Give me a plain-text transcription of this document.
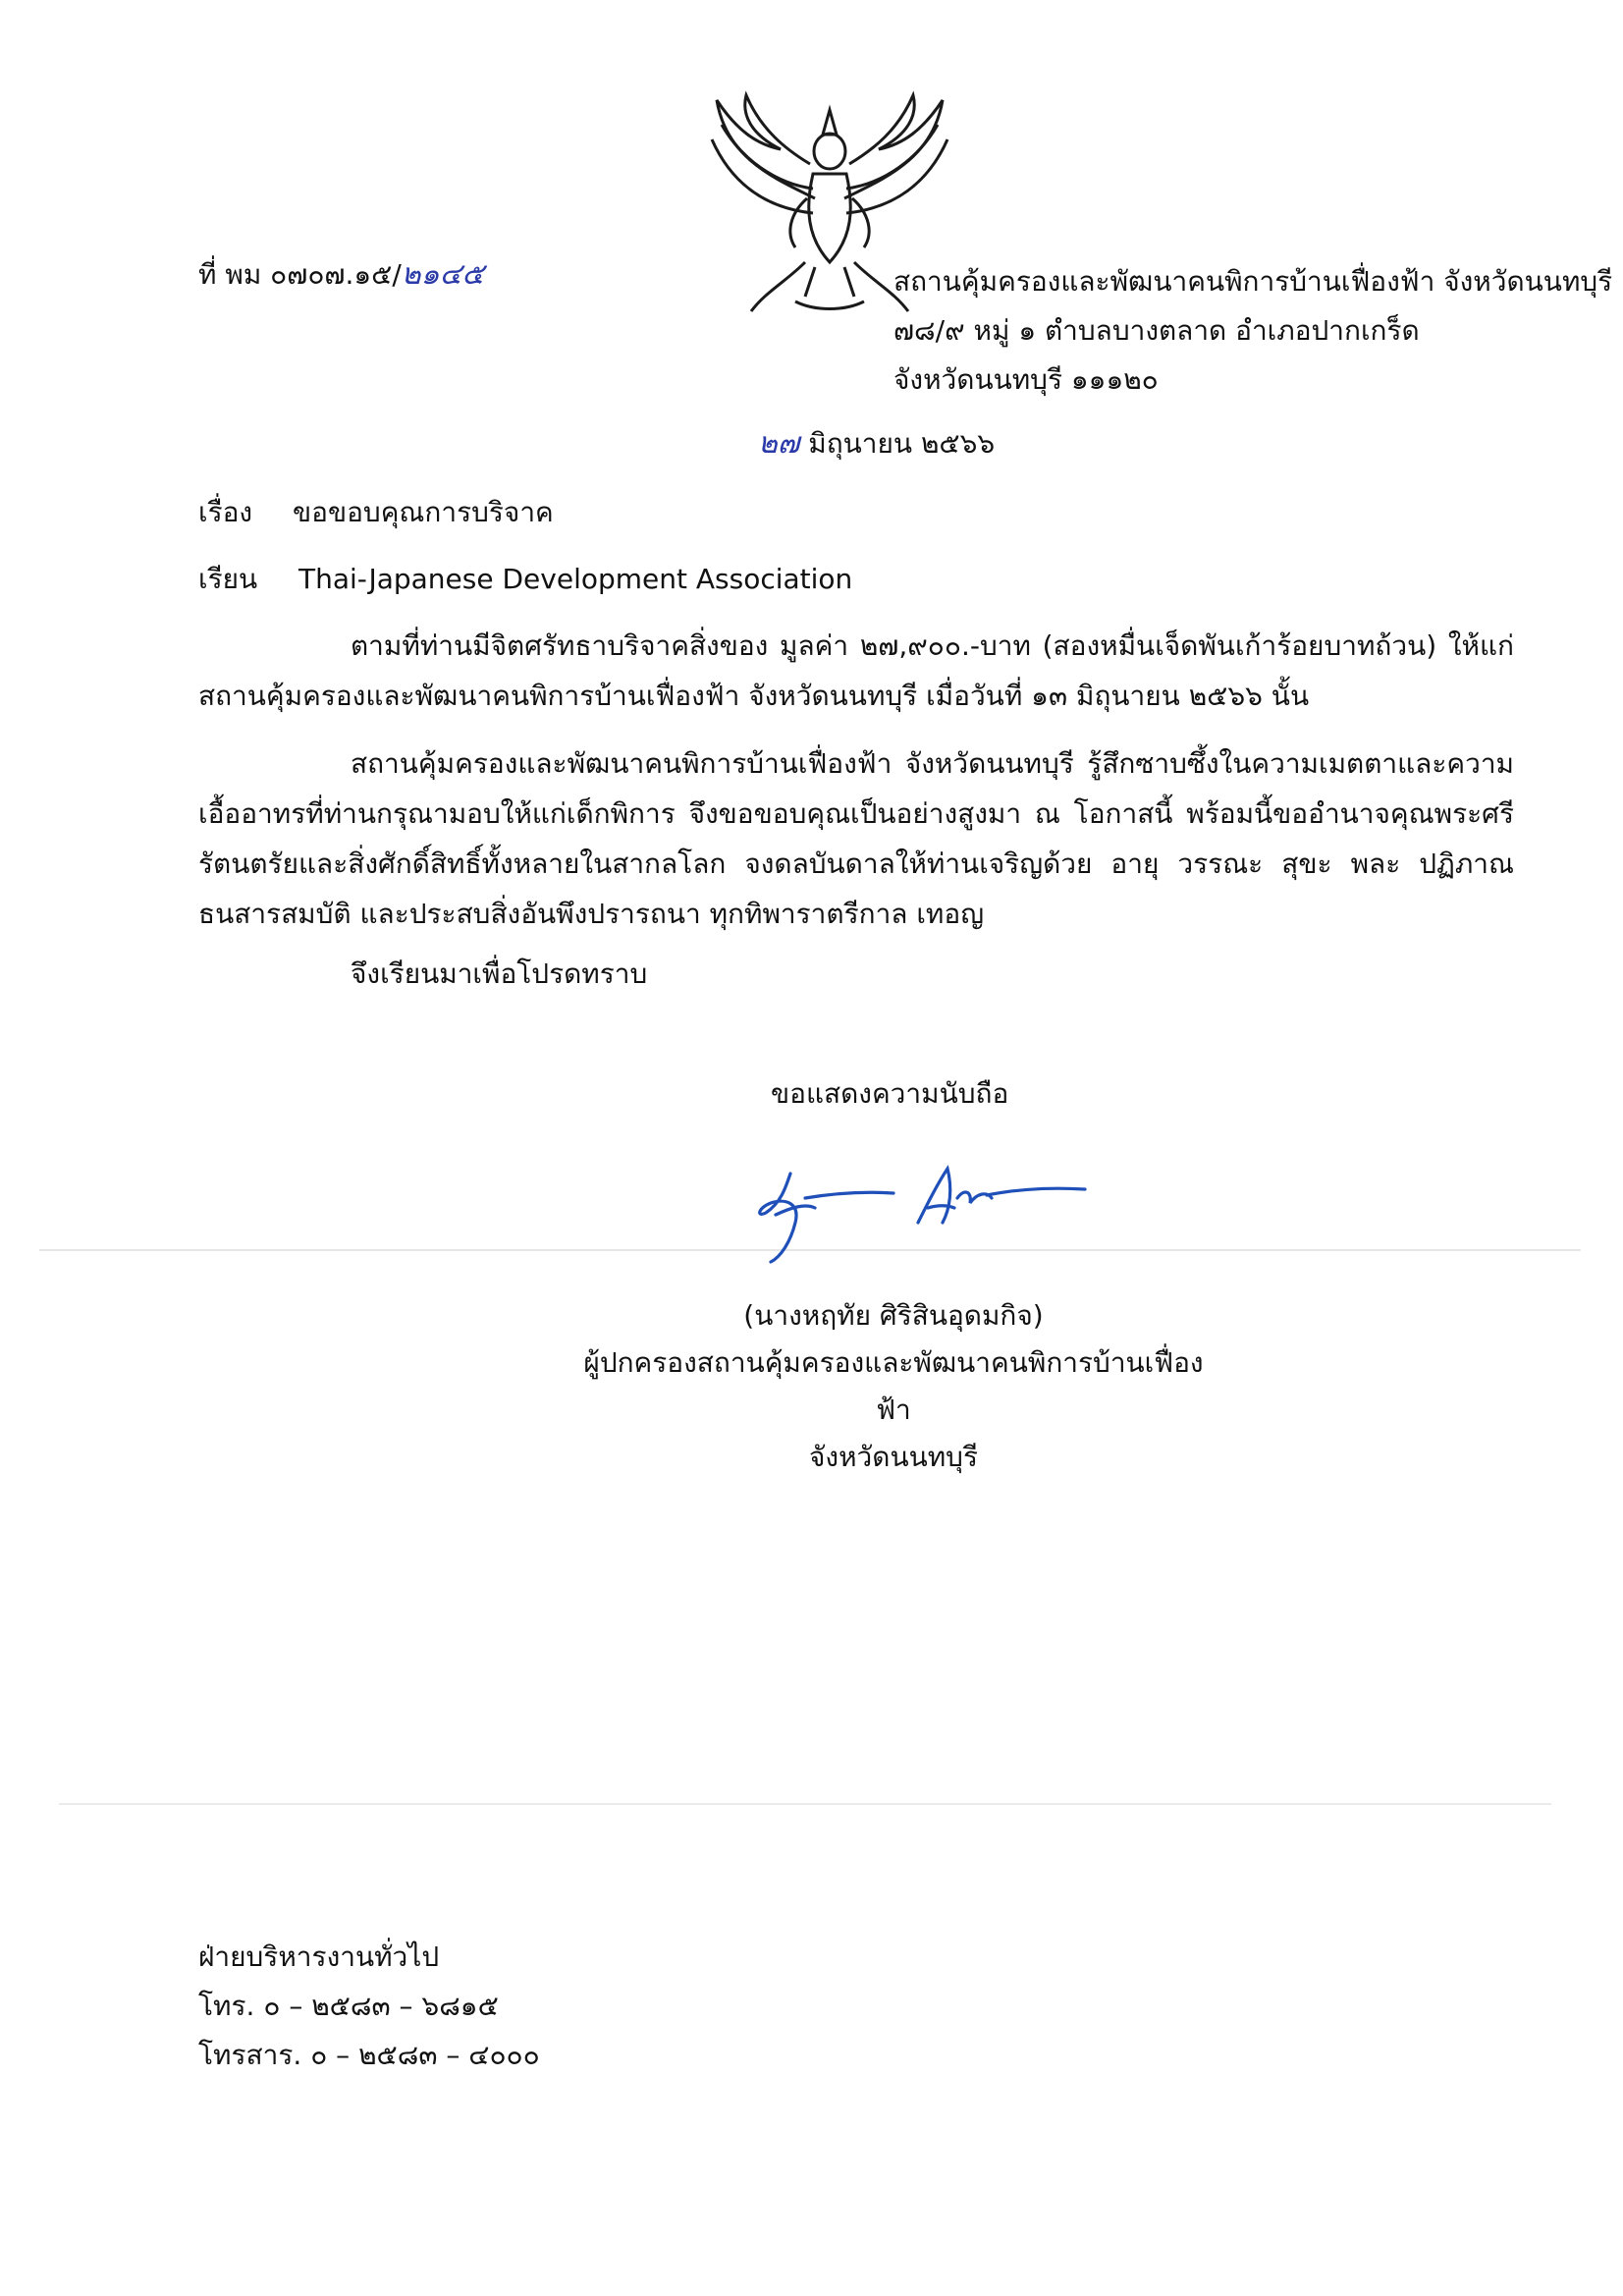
ที่ พม ๐๗๐๗.๑๕/๒๑๔๕	สถานคุ้มครองและพัฒนาคนพิการบ้านเฟื่องฟ้า จังหวัดนนทบุรี
๗๘/๙ หมู่ ๑ ตำบลบางตลาด อำเภอปากเกร็ด
จังหวัดนนทบุรี ๑๑๑๒๐
๒๗ มิถุนายน ๒๕๖๖
เรื่อง ขอขอบคุณการบริจาค
เรียน Thai-Japanese Development Association
ตามที่ท่านมีจิตศรัทธาบริจาคสิ่งของ มูลค่า ๒๗,๙๐๐.-บาท (สองหมื่นเจ็ดพันเก้าร้อยบาทถ้วน) ให้แก่สถานคุ้มครองและพัฒนาคนพิการบ้านเฟื่องฟ้า จังหวัดนนทบุรี เมื่อวันที่ ๑๓ มิถุนายน ๒๕๖๖ นั้น
สถานคุ้มครองและพัฒนาคนพิการบ้านเฟื่องฟ้า จังหวัดนนทบุรี รู้สึกซาบซึ้งในความเมตตาและความเอื้ออาทรที่ท่านกรุณามอบให้แก่เด็กพิการ จึงขอขอบคุณเป็นอย่างสูงมา ณ โอกาสนี้ พร้อมนี้ขออำนาจคุณพระศรีรัตนตรัยและสิ่งศักดิ์สิทธิ์ทั้งหลายในสากลโลก จงดลบันดาลให้ท่านเจริญด้วย อายุ วรรณะ สุขะ พละ ปฏิภาณ ธนสารสมบัติ และประสบสิ่งอันพึงปรารถนา ทุกทิพาราตรีกาล เทอญ
จึงเรียนมาเพื่อโปรดทราบ
ขอแสดงความนับถือ
(นางหฤทัย ศิริสินอุดมกิจ)
ผู้ปกครองสถานคุ้มครองและพัฒนาคนพิการบ้านเฟื่องฟ้า
จังหวัดนนทบุรี
ฝ่ายบริหารงานทั่วไป
โทร. ๐ – ๒๕๘๓ – ๖๘๑๕
โทรสาร. ๐ – ๒๕๘๓ – ๔๐๐๐
